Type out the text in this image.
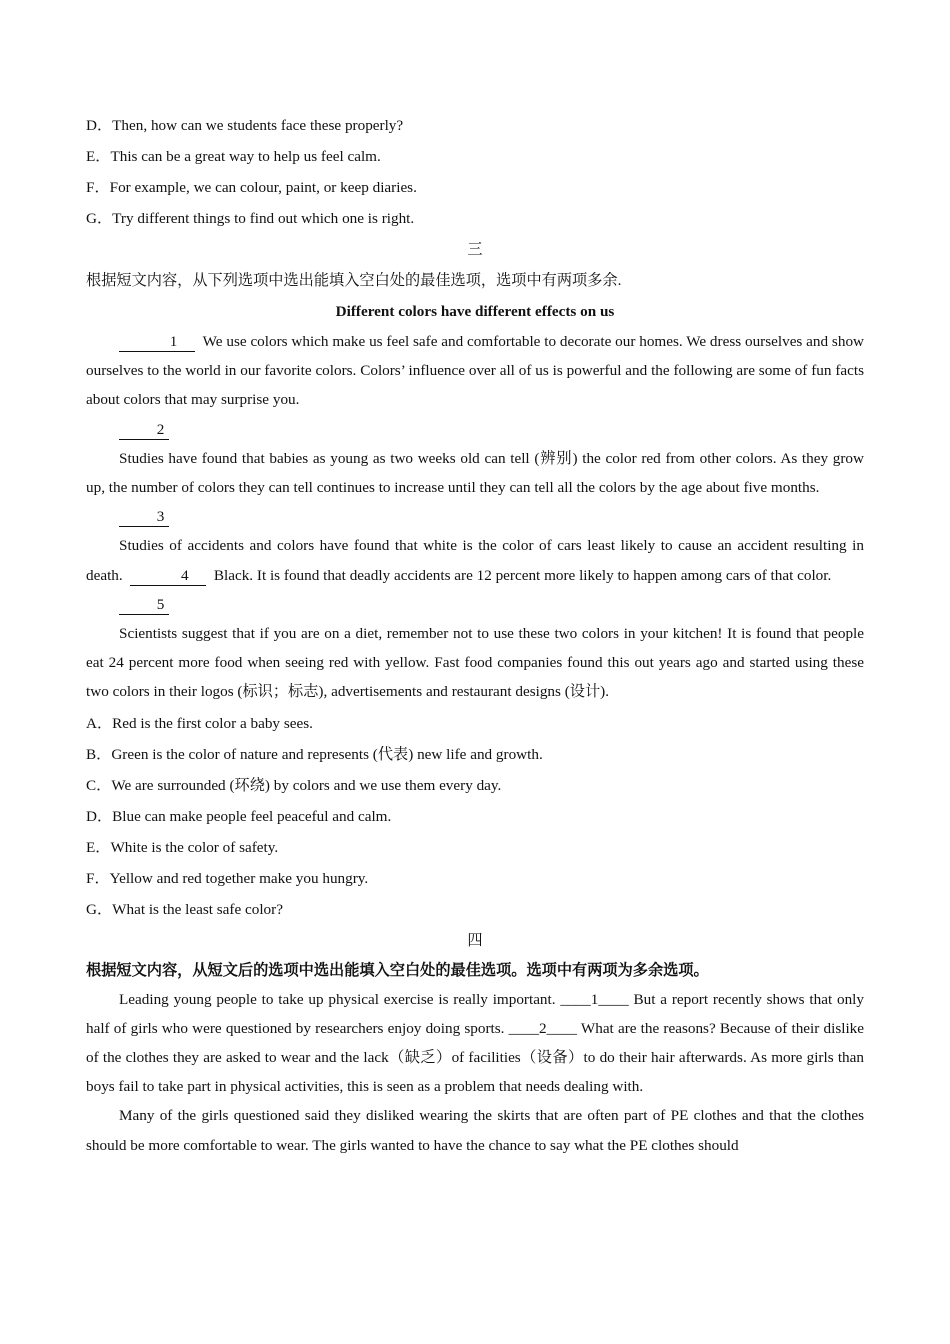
D．Then, how can we students face these properly?
E．This can be a great way to help us feel calm.
F．For example, we can colour, paint, or keep diaries.
G．Try different things to find out which one is right.
三
根据短文内容，从下列选项中选出能填入空白处的最佳选项，选项中有两项多余.
Different colors have different effects on us

1 We use colors which make us feel safe and comfortable to decorate our homes. We dress ourselves and show ourselves to the world in our favorite colors. Colors’ influence over all of us is powerful and the following are some of fun facts about colors that may surprise you.

2

Studies have found that babies as young as two weeks old can tell (辨别) the color red from other colors. As they grow up, the number of colors they can tell continues to increase until they can tell all the colors by the age about five months.

3

Studies of accidents and colors have found that white is the color of cars least likely to cause an accident resulting in death.	4 Black. It is found that deadly accidents are 12 percent more likely to happen among cars of that color.

5

Scientists suggest that if you are on a diet, remember not to use these two colors in your kitchen! It is found that people eat 24 percent more food when seeing red with yellow. Fast food companies found this out years ago and started using these two colors in their logos (标识；标志), advertisements and restaurant designs (设计).

A．Red is the first color a baby sees.
B．Green is the color of nature and represents (代表) new life and growth.
C．We are surrounded (环绕) by colors and we use them every day.
D．Blue can make people feel peaceful and calm.
E．White is the color of safety.
F．Yellow and red together make you hungry.
G．What is the least safe color?
四
根据短文内容，从短文后的选项中选出能填入空白处的最佳选项。选项中有两项为多余选项。

Leading young people to take up physical exercise is really important. ____1____ But a report recently shows that only half of girls who were questioned by researchers enjoy doing sports. ____2____ What are the reasons? Because of their dislike of the clothes they are asked to wear and the lack（缺乏）of facilities（设备）to do their hair afterwards. As more girls than boys fail to take part in physical activities, this is seen as a problem that needs dealing with.

Many of the girls questioned said they disliked wearing the skirts that are often part of PE clothes and that the clothes should be more comfortable to wear. The girls wanted to have the chance to say what the PE clothes should
